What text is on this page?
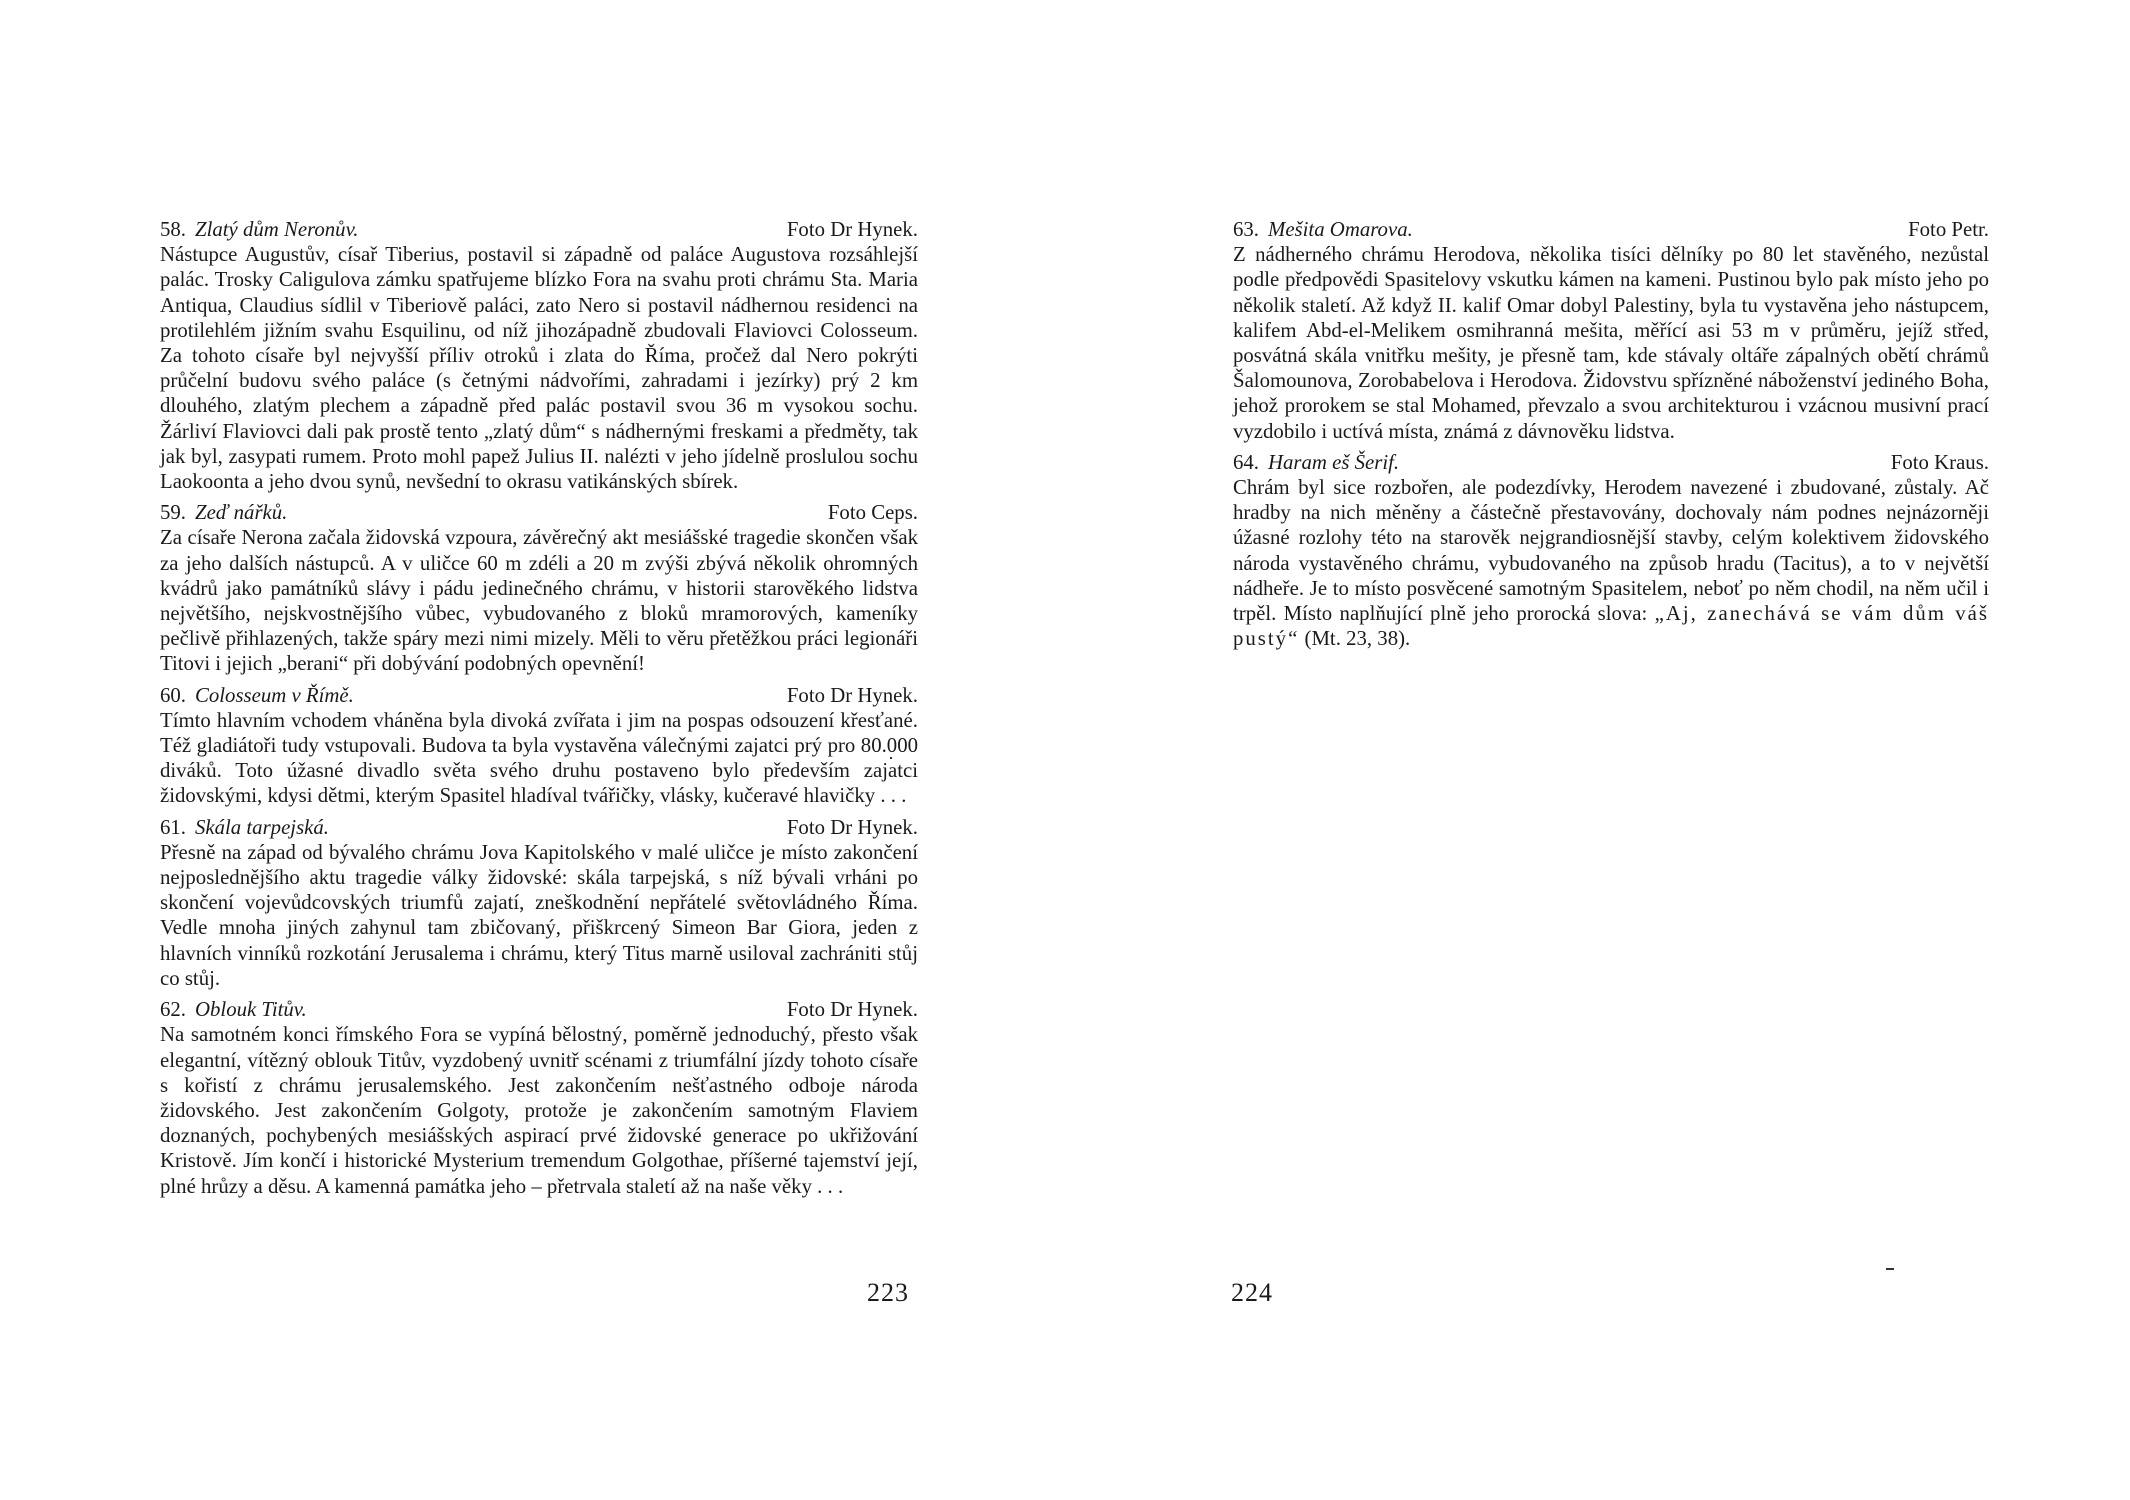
58. Zlatý dům Neronův.	Foto Dr Hynek.
Nástupce Augustův, císař Tiberius, postavil si západně od paláce Augustova rozsáhlejší palác. Trosky Caligulova zámku spatřujeme blízko Fora na svahu proti chrámu Sta. Maria Antiqua, Claudius sídlil v Tiberiově paláci, zato Nero si postavil nádhernou residenci na protilehlém jižním svahu Esquilinu, od níž jihozápadně zbudovali Flaviovci Colosseum. Za tohoto císaře byl nejvyšší příliv otroků i zlata do Říma, pročež dal Nero pokrýti průčelní budovu svého paláce (s četnými nádvořími, zahradami i jezírky) prý 2 km dlouhého, zlatým plechem a západně před palác postavil svou 36 m vysokou sochu. Žárliví Flaviovci dali pak prostě tento „zlatý dům“ s nádhernými freskami a předměty, tak jak byl, zasypati rumem. Proto mohl papež Julius II. nalézti v jeho jídelně proslulou sochu Laokoonta a jeho dvou synů, nevšední to okrasu vatikánských sbírek.
59. Zeď nářků.	Foto Ceps.
Za císaře Nerona začala židovská vzpoura, závěrečný akt mesiášské tragedie skončen však za jeho dalších nástupců. A v uličce 60 m zdéli a 20 m zvýši zbývá několik ohromných kvádrů jako památníků slávy i pádu jedinečného chrámu, v historii starověkého lidstva největšího, nejskvostnějšího vůbec, vybudovaného z bloků mramorových, kameníky pečlivě přihlazených, takže spáry mezi nimi mizely. Měli to věru přetěžkou práci legionáři Titovi i jejich „berani“ při dobývání podobných opevnění!
60. Colosseum v Římě.	Foto Dr Hynek.
Tímto hlavním vchodem vháněna byla divoká zvířata i jim na pospas odsouzení křesťané. Též gladiátoři tudy vstupovali. Budova ta byla vystavěna válečnými zajatci prý pro 80.000 diváků. Toto úžasné divadlo světa svého druhu postaveno bylo především zajatci židovskými, kdysi dětmi, kterým Spasitel hladíval tvářičky, vlásky, kučeravé hlavičky . . .
61. Skála tarpejská.	Foto Dr Hynek.
Přesně na západ od bývalého chrámu Jova Kapitolského v malé uličce je místo zakončení nejposlednějšího aktu tragedie války židovské: skála tarpejská, s níž bývali vrháni po skončení vojevůdcovských triumfů zajatí, zneškodnění nepřátelé světovládného Říma. Vedle mnoha jiných zahynul tam zbičovaný, přiškrcený Simeon Bar Giora, jeden z hlavních vinníků rozkotání Jerusalema i chrámu, který Titus marně usiloval zachrániti stůj co stůj.
62. Oblouk Titův.	Foto Dr Hynek.
Na samotném konci římského Fora se vypíná bělostný, poměrně jednoduchý, přesto však elegantní, vítězný oblouk Titův, vyzdobený uvnitř scénami z triumfální jízdy tohoto císaře s kořistí z chrámu jerusalemského. Jest zakončením nešťastného odboje národa židovského. Jest zakončením Golgoty, protože je zakončením samotným Flaviem doznaných, pochybených mesiášských aspirací prvé židovské generace po ukřižování Kristově. Jím končí i historické Mysterium tremendum Golgothae, příšerné tajemství její, plné hrůzy a děsu. A kamenná památka jeho – přetrvala staletí až na naše věky . . .
223
63. Mešita Omarova.	Foto Petr.
Z nádherného chrámu Herodova, několika tisíci dělníky po 80 let stavěného, nezůstal podle předpovědi Spasitelovy vskutku kámen na kameni. Pustinou bylo pak místo jeho po několik staletí. Až když II. kalif Omar dobyl Palestiny, byla tu vystavěna jeho nástupcem, kalifem Abd-el-Melikem osmihranná mešita, měřící asi 53 m v průměru, jejíž střed, posvátná skála vnitřku mešity, je přesně tam, kde stávaly oltáře zápalných obětí chrámů Šalomounova, Zorobabelova i Herodova. Židovstvu spřízněné náboženství jediného Boha, jehož prorokem se stal Mohamed, převzalo a svou architekturou i vzácnou musivní prací vyzdobilo i uctívá místa, známá z dávnověku lidstva.
64. Haram eš Šerif.	Foto Kraus.
Chrám byl sice rozbořen, ale podezdívky, Herodem navezené i zbudované, zůstaly. Ač hradby na nich měněny a částečně přestavovány, dochovaly nám podnes nejnázorněji úžasné rozlohy této na starověk nejgrandiosnější stavby, celým kolektivem židovského národa vystavěného chrámu, vybudovaného na způsob hradu (Tacitus), a to v největší nádheře. Je to místo posvěcené samotným Spasitelem, neboť po něm chodil, na něm učil i trpěl. Místo naplňující plně jeho prorocká slova: „Aj, zanechává se vám dům váš pustý“ (Mt. 23, 38).
224
